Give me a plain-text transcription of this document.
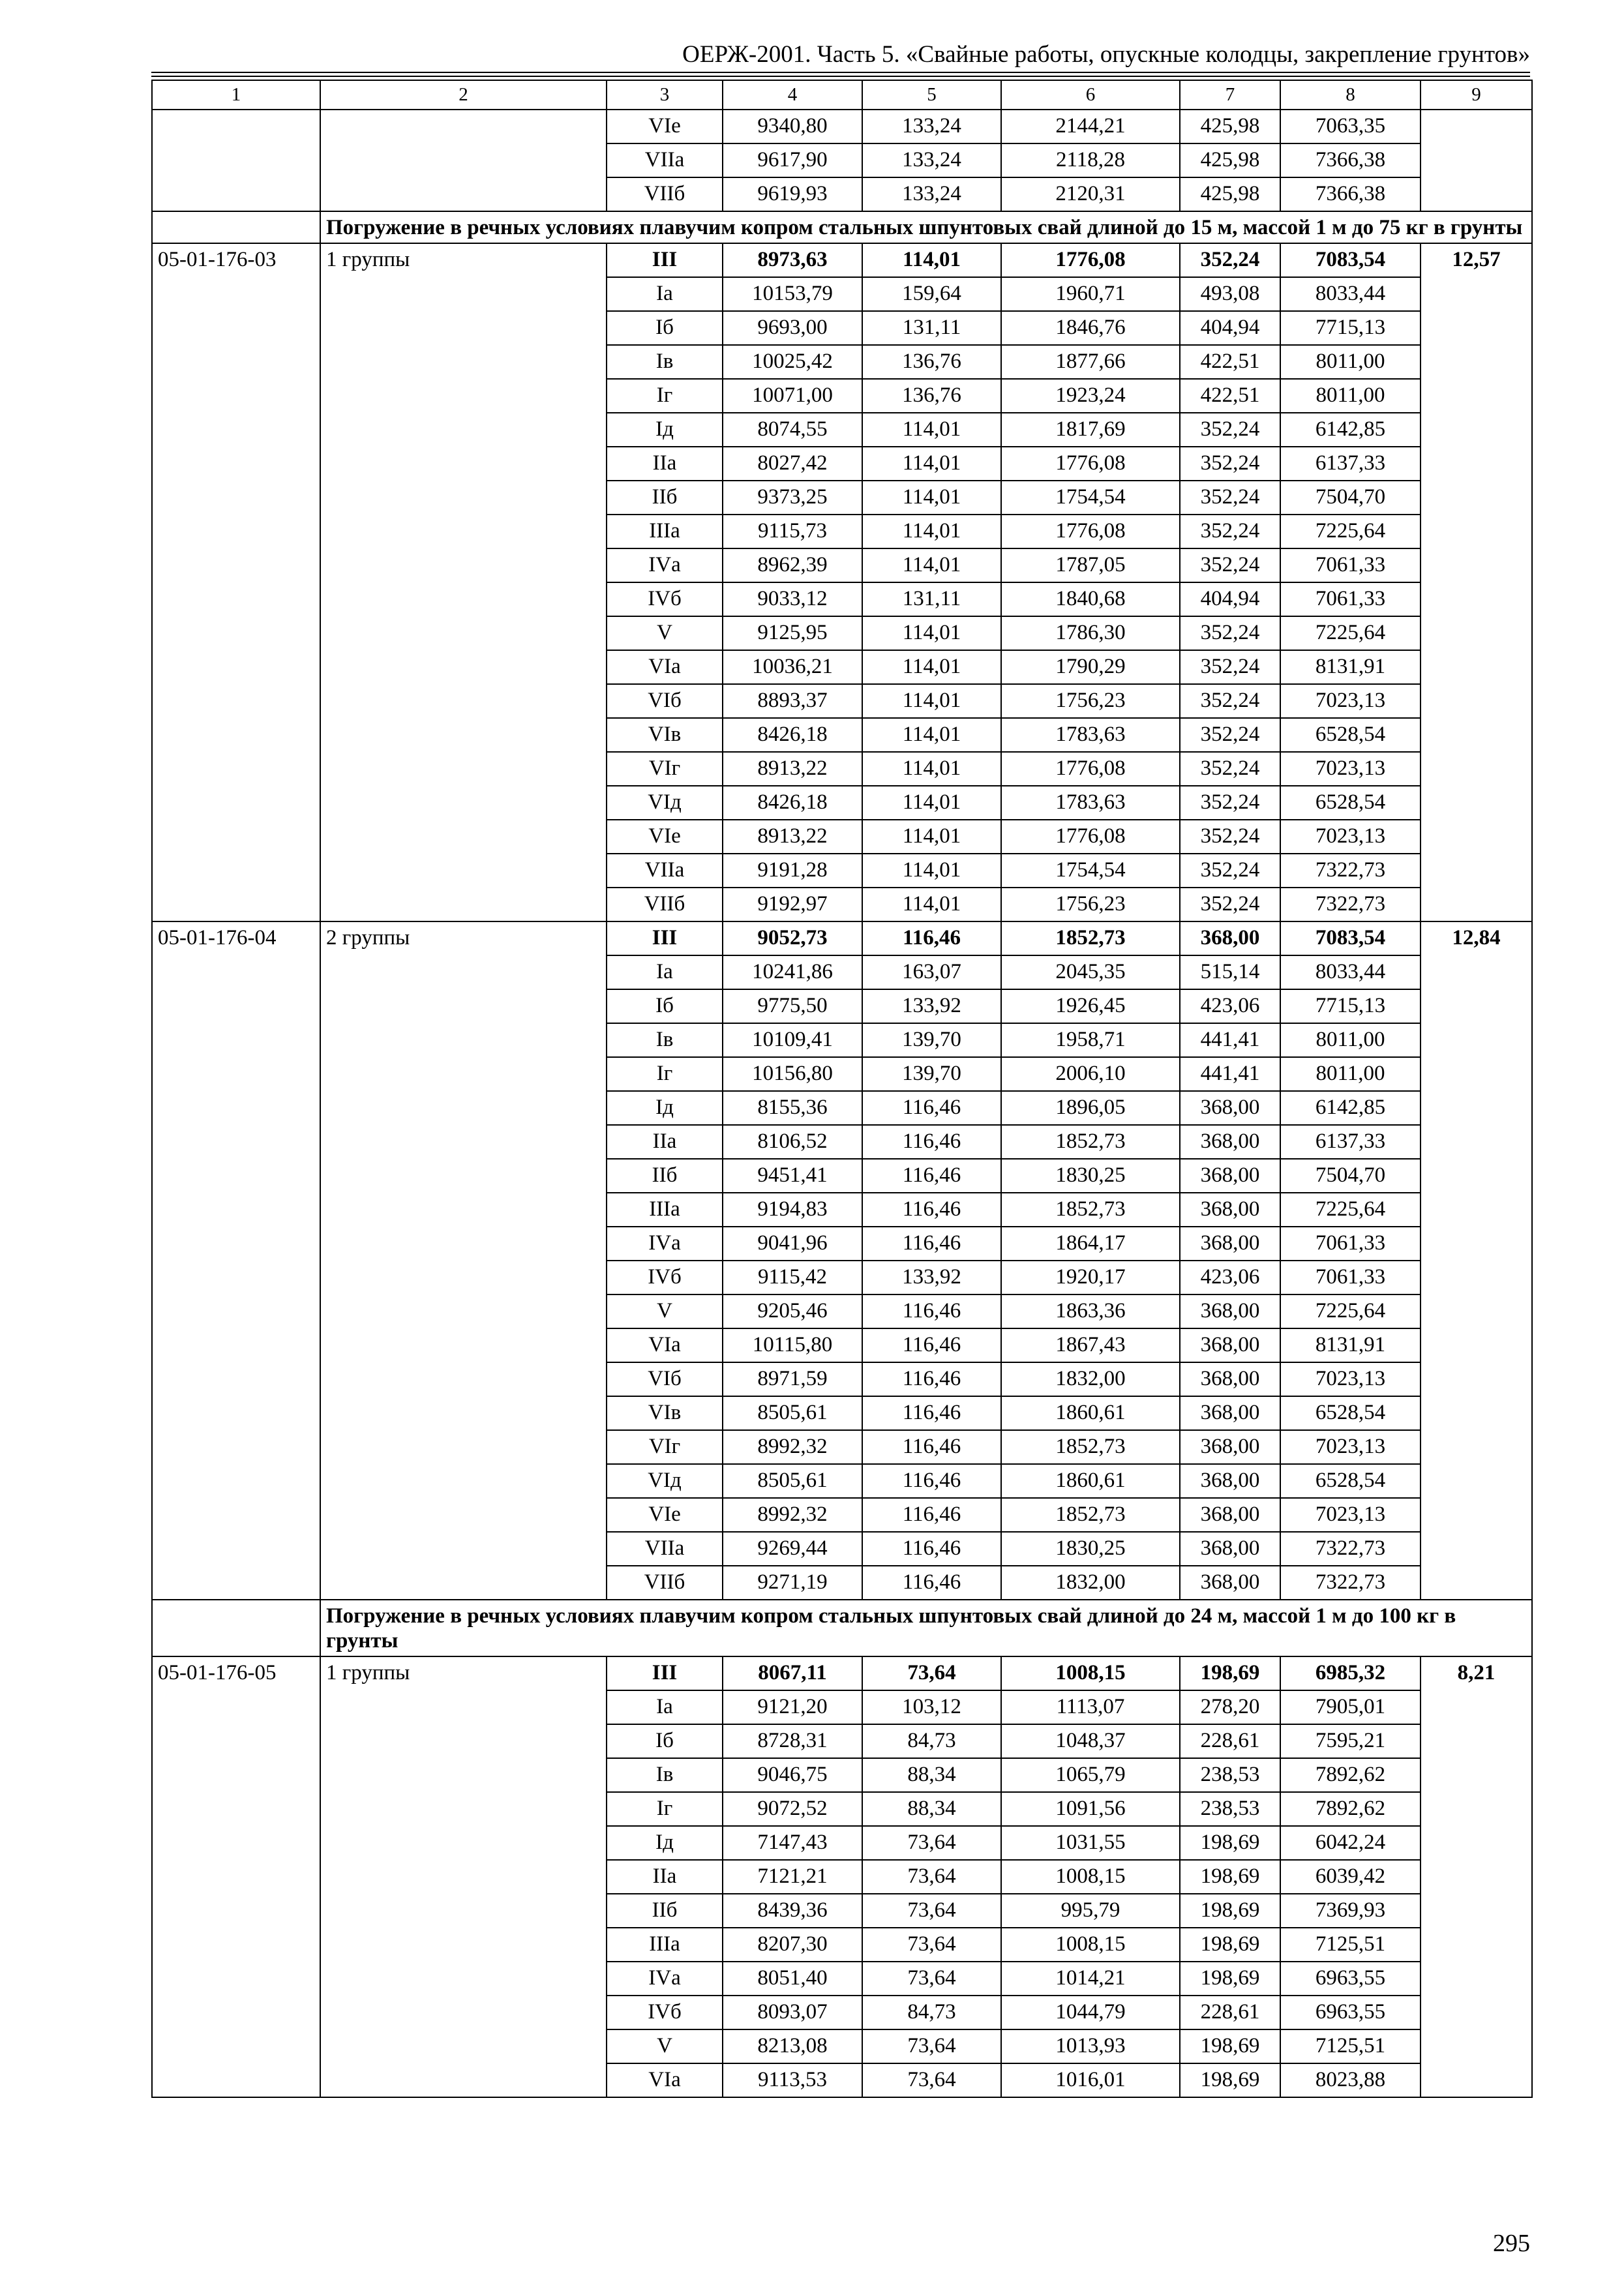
ОЕРЖ-2001. Часть 5. «Свайные работы, опускные колодцы, закрепление грунтов»
1	2	3	4	5	6	7	8	9
		VIе	9340,80	133,24	2144,21	425,98	7063,35	
		VIIа	9617,90	133,24	2118,28	425,98	7366,38	
		VIIб	9619,93	133,24	2120,31	425,98	7366,38	
	Погружение в речных условиях плавучим копром стальных шпунтовых свай длиной до 15 м, массой 1 м до 75 кг в грунты							
05-01-176-03	1 группы	III	8973,63	114,01	1776,08	352,24	7083,54	12,57
		Iа	10153,79	159,64	1960,71	493,08	8033,44	
		Iб	9693,00	131,11	1846,76	404,94	7715,13	
		Iв	10025,42	136,76	1877,66	422,51	8011,00	
		Iг	10071,00	136,76	1923,24	422,51	8011,00	
		Iд	8074,55	114,01	1817,69	352,24	6142,85	
		IIа	8027,42	114,01	1776,08	352,24	6137,33	
		IIб	9373,25	114,01	1754,54	352,24	7504,70	
		IIIа	9115,73	114,01	1776,08	352,24	7225,64	
		IVа	8962,39	114,01	1787,05	352,24	7061,33	
		IVб	9033,12	131,11	1840,68	404,94	7061,33	
		V	9125,95	114,01	1786,30	352,24	7225,64	
		VIа	10036,21	114,01	1790,29	352,24	8131,91	
		VIб	8893,37	114,01	1756,23	352,24	7023,13	
		VIв	8426,18	114,01	1783,63	352,24	6528,54	
		VIг	8913,22	114,01	1776,08	352,24	7023,13	
		VIд	8426,18	114,01	1783,63	352,24	6528,54	
		VIе	8913,22	114,01	1776,08	352,24	7023,13	
		VIIа	9191,28	114,01	1754,54	352,24	7322,73	
		VIIб	9192,97	114,01	1756,23	352,24	7322,73	
05-01-176-04	2 группы	III	9052,73	116,46	1852,73	368,00	7083,54	12,84
		Iа	10241,86	163,07	2045,35	515,14	8033,44	
		Iб	9775,50	133,92	1926,45	423,06	7715,13	
		Iв	10109,41	139,70	1958,71	441,41	8011,00	
		Iг	10156,80	139,70	2006,10	441,41	8011,00	
		Iд	8155,36	116,46	1896,05	368,00	6142,85	
		IIа	8106,52	116,46	1852,73	368,00	6137,33	
		IIб	9451,41	116,46	1830,25	368,00	7504,70	
		IIIа	9194,83	116,46	1852,73	368,00	7225,64	
		IVа	9041,96	116,46	1864,17	368,00	7061,33	
		IVб	9115,42	133,92	1920,17	423,06	7061,33	
		V	9205,46	116,46	1863,36	368,00	7225,64	
		VIа	10115,80	116,46	1867,43	368,00	8131,91	
		VIб	8971,59	116,46	1832,00	368,00	7023,13	
		VIв	8505,61	116,46	1860,61	368,00	6528,54	
		VIг	8992,32	116,46	1852,73	368,00	7023,13	
		VIд	8505,61	116,46	1860,61	368,00	6528,54	
		VIе	8992,32	116,46	1852,73	368,00	7023,13	
		VIIа	9269,44	116,46	1830,25	368,00	7322,73	
		VIIб	9271,19	116,46	1832,00	368,00	7322,73	
	Погружение в речных условиях плавучим копром стальных шпунтовых свай длиной до 24 м, массой 1 м до 100 кг в грунты							
05-01-176-05	1 группы	III	8067,11	73,64	1008,15	198,69	6985,32	8,21
		Iа	9121,20	103,12	1113,07	278,20	7905,01	
		Iб	8728,31	84,73	1048,37	228,61	7595,21	
		Iв	9046,75	88,34	1065,79	238,53	7892,62	
		Iг	9072,52	88,34	1091,56	238,53	7892,62	
		Iд	7147,43	73,64	1031,55	198,69	6042,24	
		IIа	7121,21	73,64	1008,15	198,69	6039,42	
		IIб	8439,36	73,64	995,79	198,69	7369,93	
		IIIа	8207,30	73,64	1008,15	198,69	7125,51	
		IVа	8051,40	73,64	1014,21	198,69	6963,55	
		IVб	8093,07	84,73	1044,79	228,61	6963,55	
		V	8213,08	73,64	1013,93	198,69	7125,51	
		VIа	9113,53	73,64	1016,01	198,69	8023,88	
295
